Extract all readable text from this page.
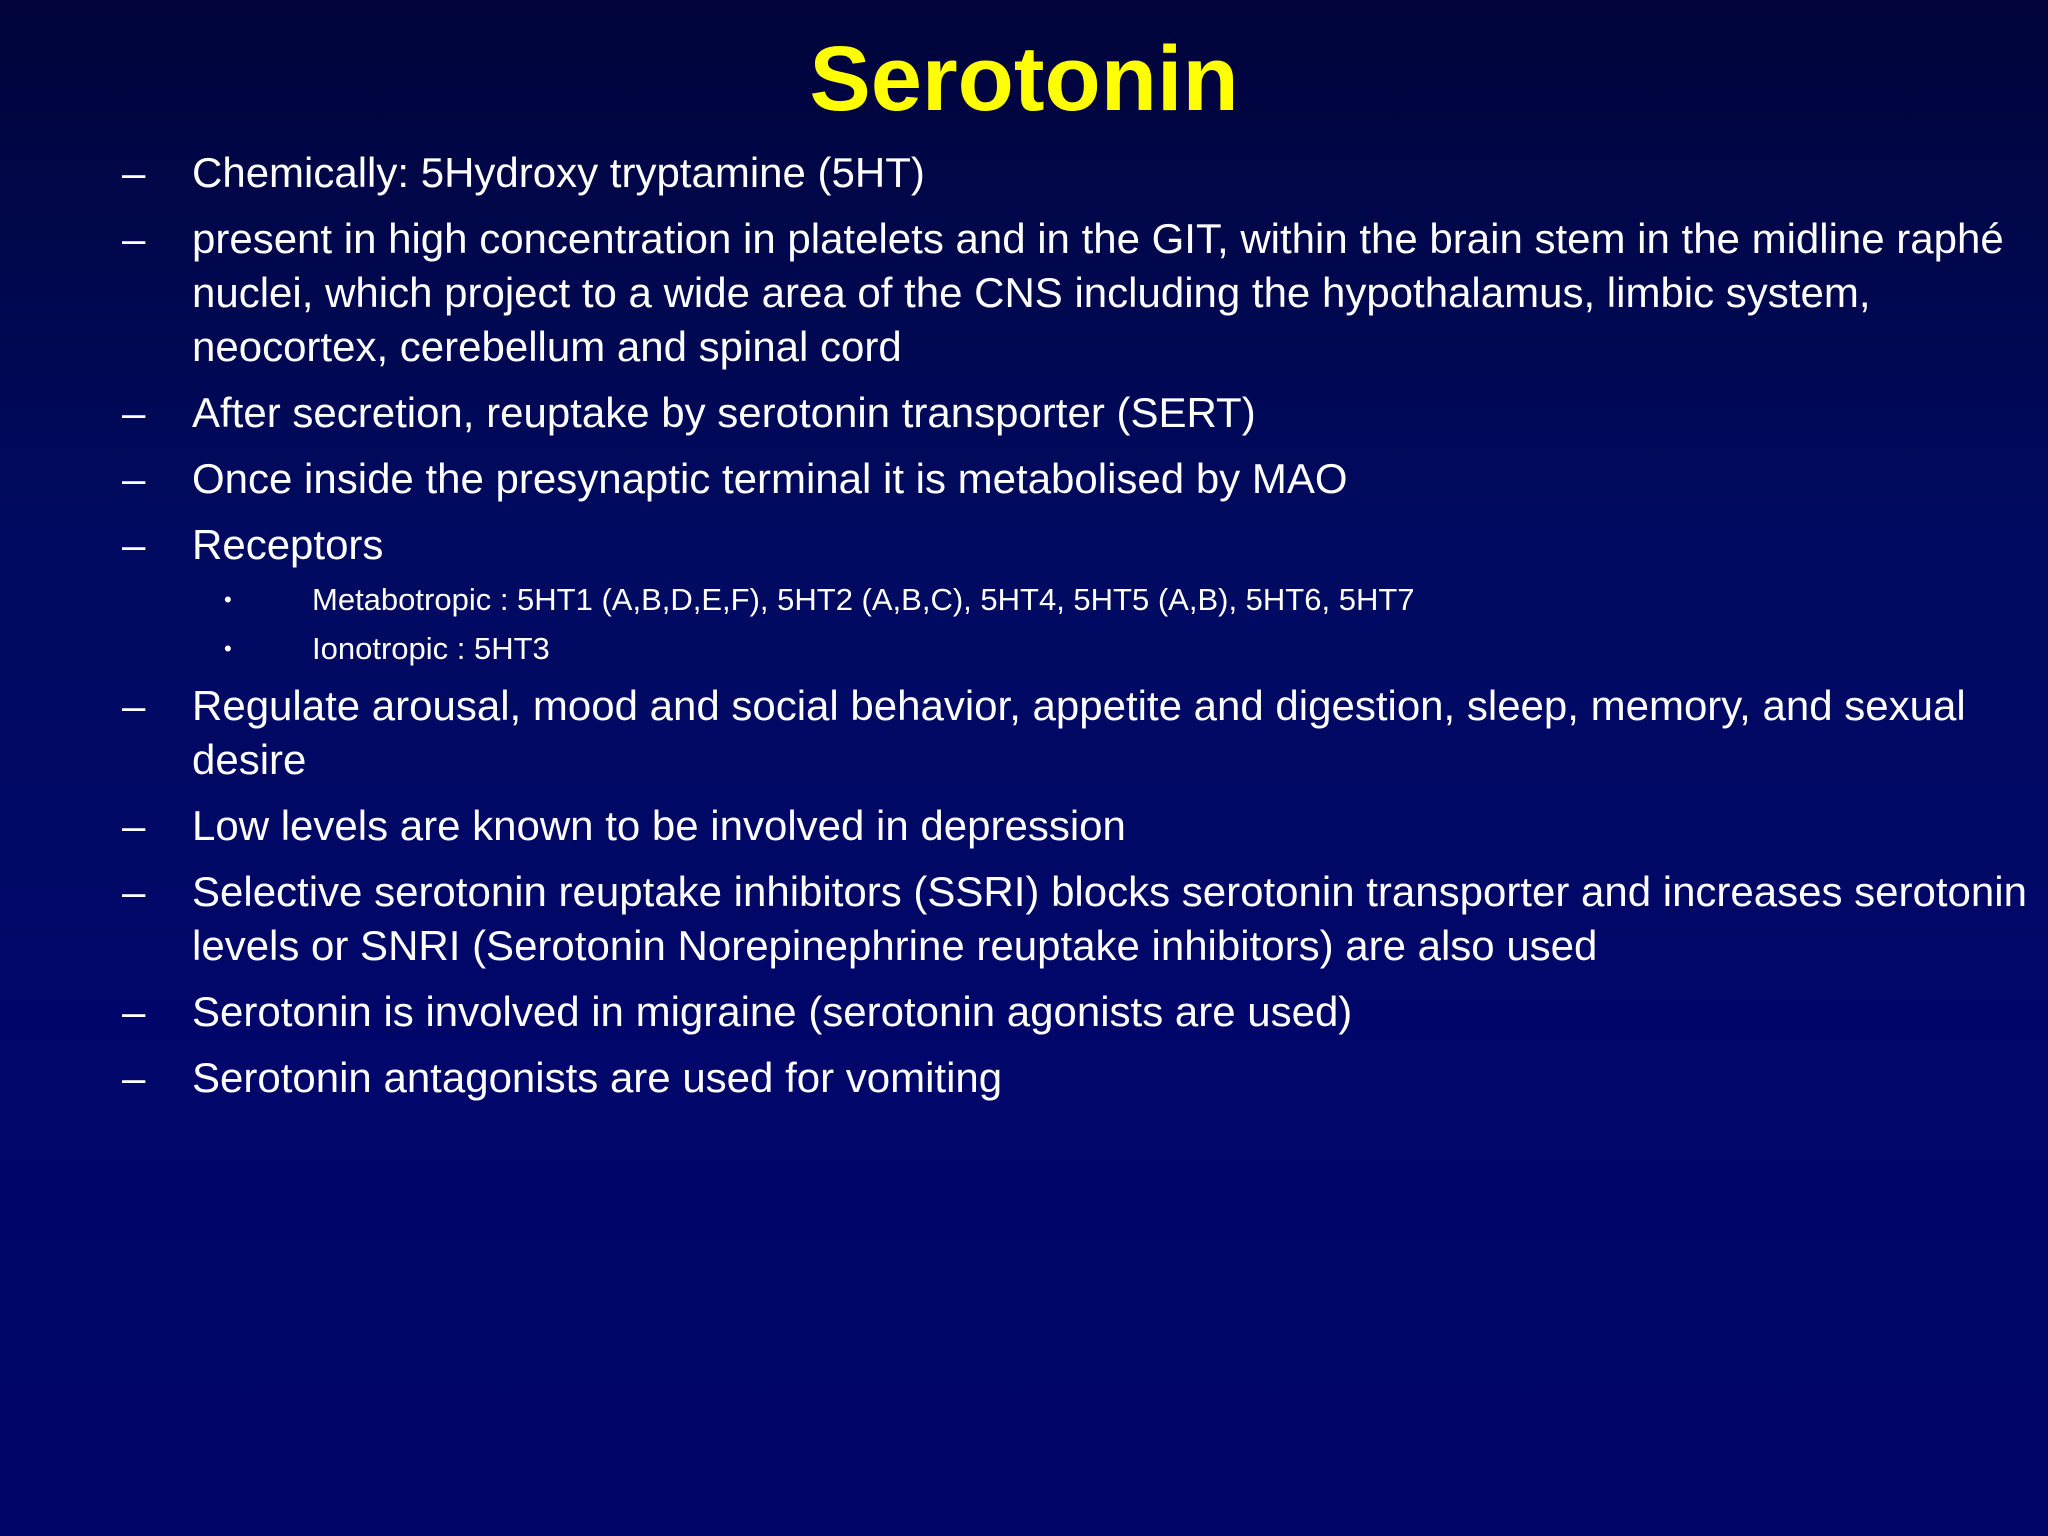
Serotonin
–	Chemically: 5Hydroxy tryptamine (5HT)
–	present in high concentration in platelets and in the GIT, within the brain stem in the midline raphé nuclei, which project to a wide area of the CNS including the hypothalamus, limbic system, neocortex, cerebellum and spinal cord
–	After secretion, reuptake by serotonin transporter (SERT)
–	Once inside the presynaptic terminal it is metabolised by MAO
–	Receptors
•	Metabotropic : 5HT1 (A,B,D,E,F), 5HT2 (A,B,C), 5HT4, 5HT5 (A,B), 5HT6, 5HT7
•	Ionotropic : 5HT3
–	Regulate arousal, mood and social behavior, appetite and digestion, sleep, memory, and sexual desire
–	Low levels are known to be involved in depression
–	Selective serotonin reuptake inhibitors (SSRI) blocks serotonin transporter and increases serotonin levels or SNRI (Serotonin Norepinephrine reuptake inhibitors) are also used
–	Serotonin is involved in migraine (serotonin agonists are used)
–	Serotonin antagonists are used for vomiting
